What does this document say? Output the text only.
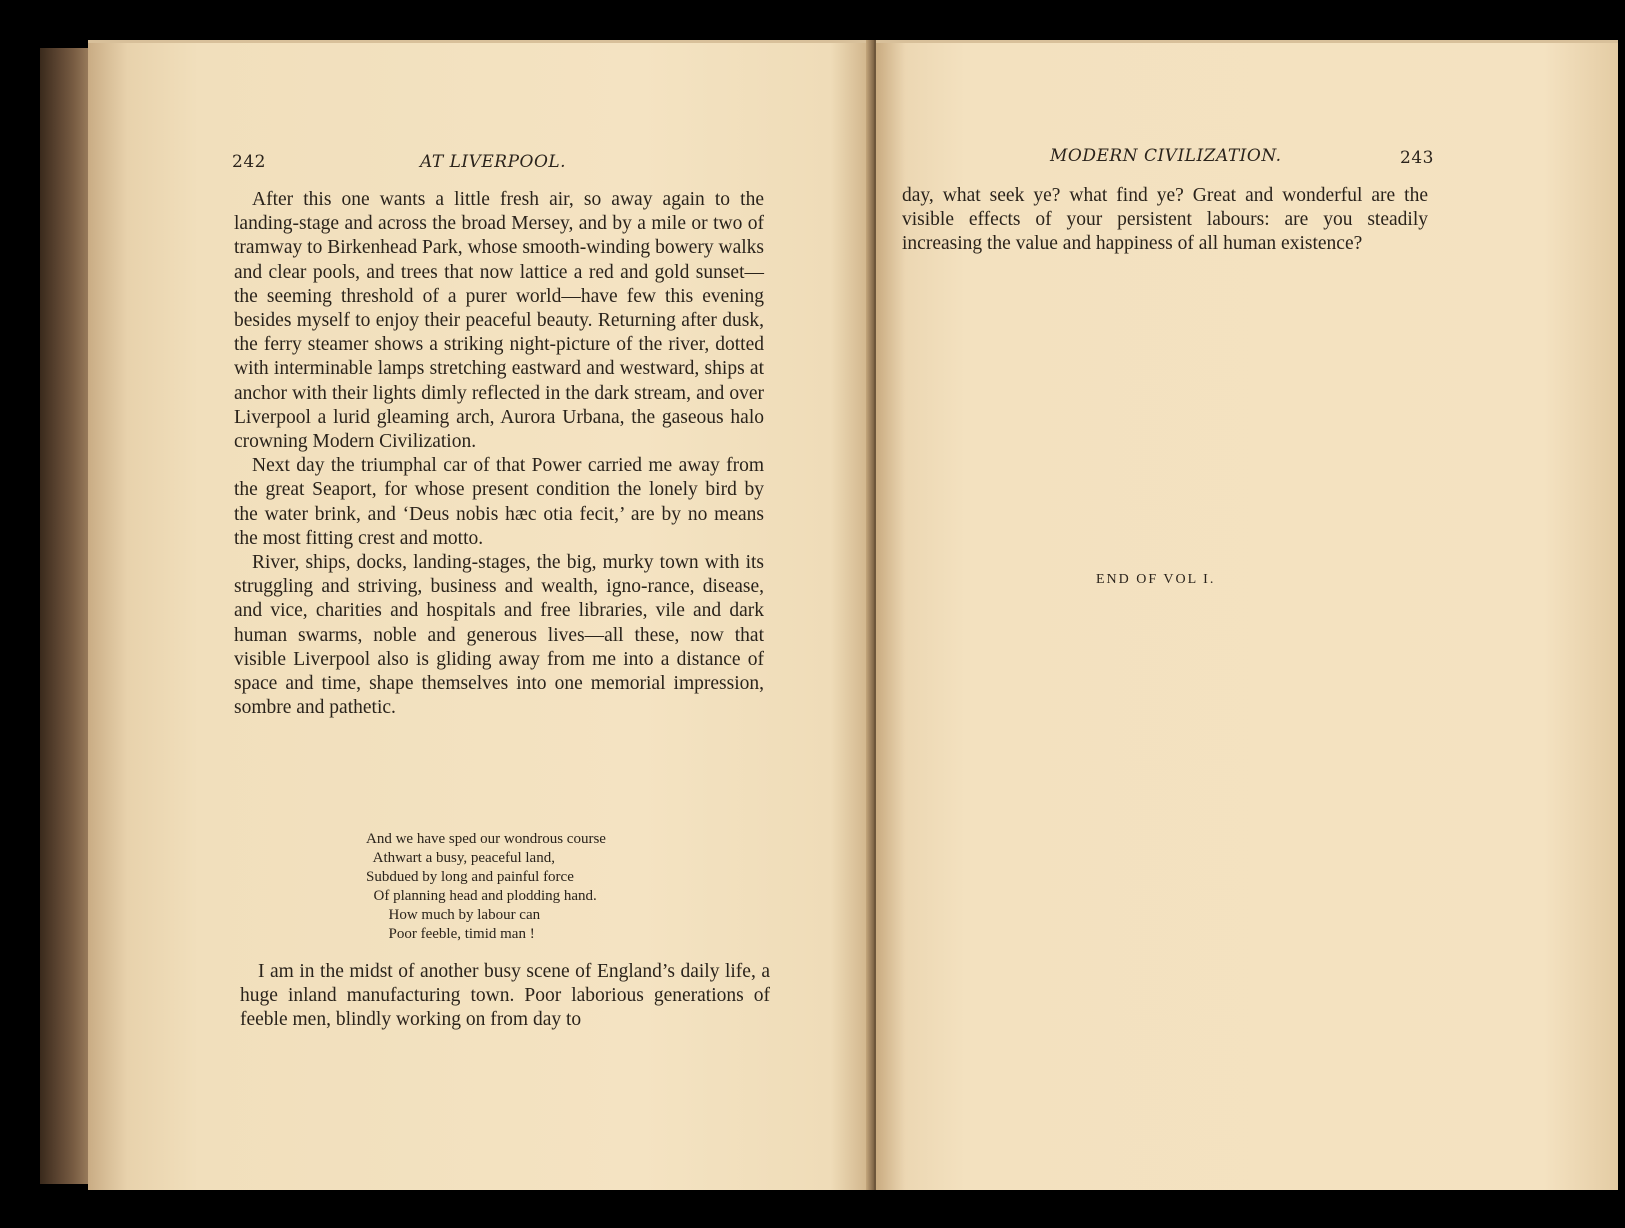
242	AT LIVERPOOL.

After this one wants a little fresh air, so away again to the landing-stage and across the broad Mersey, and by a mile or two of tramway to Birkenhead Park, whose smooth-winding bowery walks and clear pools, and trees that now lattice a red and gold sunset—the seeming threshold of a purer world—have few this evening besides myself to enjoy their peaceful beauty. Returning after dusk, the ferry steamer shows a striking night-picture of the river, dotted with interminable lamps stretching eastward and westward, ships at anchor with their lights dimly reflected in the dark stream, and over Liverpool a lurid gleaming arch, Aurora Urbana, the gaseous halo crowning Modern Civilization.

Next day the triumphal car of that Power carried me away from the great Seaport, for whose present condition the lonely bird by the water brink, and ‘Deus nobis hæc otia fecit,’ are by no means the most fitting crest and motto.

River, ships, docks, landing-stages, the big, murky town with its struggling and striving, business and wealth, igno-rance, disease, and vice, charities and hospitals and free libraries, vile and dark human swarms, noble and generous lives—all these, now that visible Liverpool also is gliding away from me into a distance of space and time, shape themselves into one memorial impression, sombre and pathetic.

And we have sped our wondrous course
Athwart a busy, peaceful land,
Subdued by long and painful force
Of planning head and plodding hand.
How much by labour can
Poor feeble, timid man !

I am in the midst of another busy scene of England’s daily life, a huge inland manufacturing town. Poor laborious generations of feeble men, blindly working on from day to

MODERN CIVILIZATION.	243

day, what seek ye? what find ye? Great and wonderful are the visible effects of your persistent labours: are you steadily increasing the value and happiness of all human existence?

END OF VOL I.
